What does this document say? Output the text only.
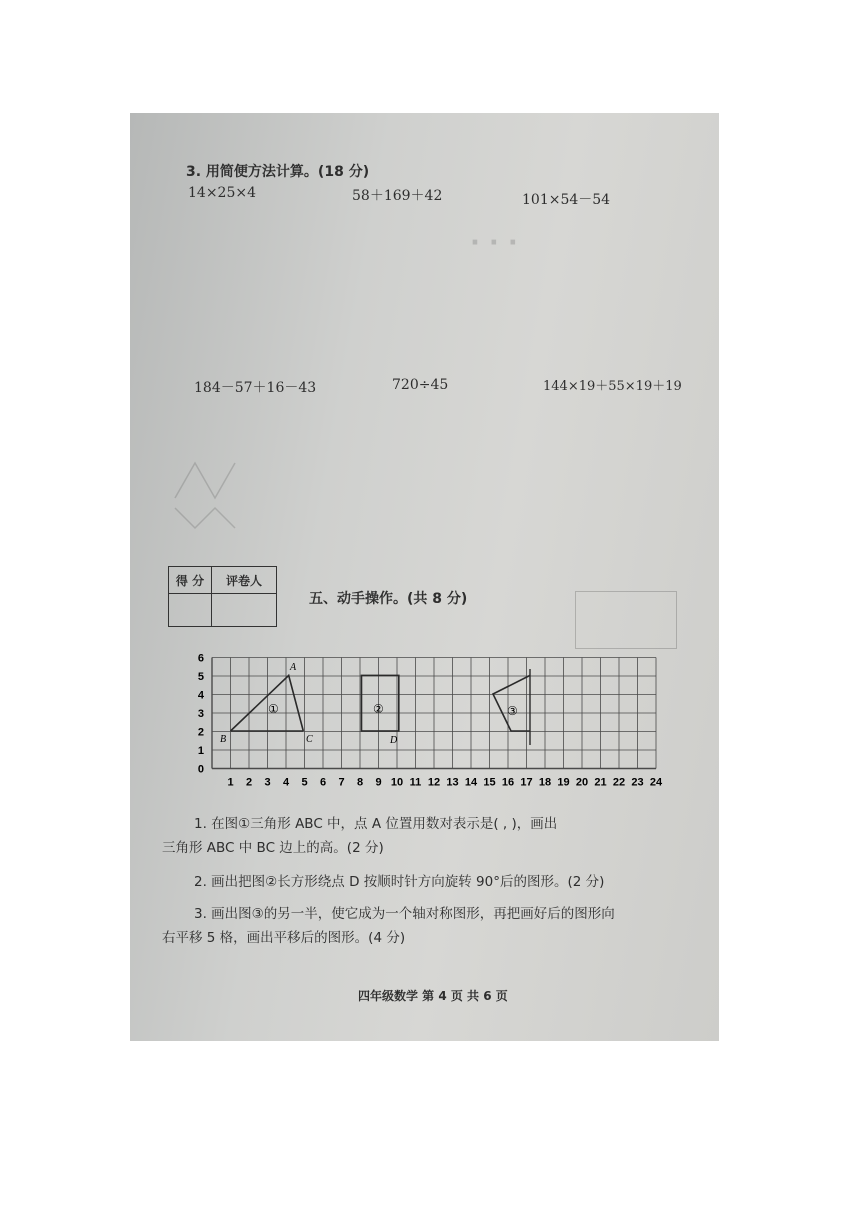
· · ·
3. 用简便方法计算。(18 分)
14×25×4	58＋169＋42	101×54－54
184－57＋16－43	720÷45	144×19＋55×19＋19
五、动手操作。(共 8 分)
1. 在图①三角形 ABC 中，点 A 位置用数对表示是( , )，画出
三角形 ABC 中 BC 边上的高。(2 分)
2. 画出把图②长方形绕点 D 按顺时针方向旋转 90°后的图形。(2 分)
3. 画出图③的另一半，使它成为一个轴对称图形，再把画好后的图形向
右平移 5 格，画出平移后的图形。(4 分)
四年级数学 第 4 页 共 6 页
得 分	评卷人

1 2 3 4 5 6 7 8 9 10 11 12 13 14 15 16 17 18 19 20 21 22 23 24
0
1
2
3
4
5
6
A
B	C
①	②
D
③
